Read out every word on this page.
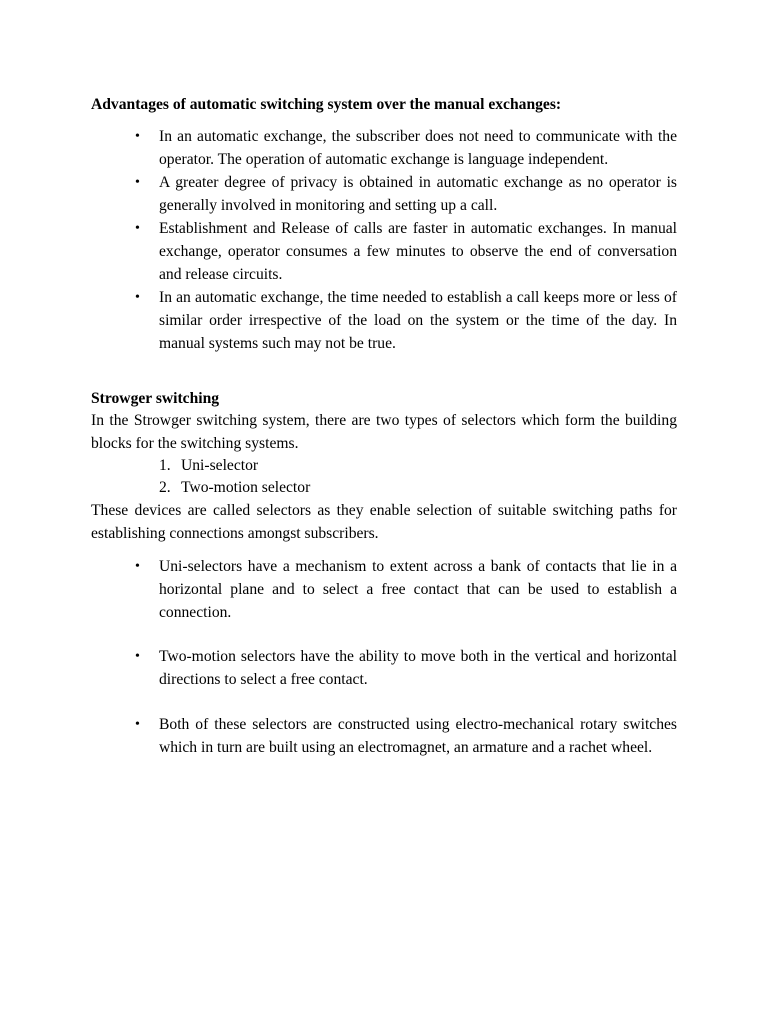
Advantages of automatic switching system over the manual exchanges:
• In an automatic exchange, the subscriber does not need to communicate with the operator. The operation of automatic exchange is language independent.
• A greater degree of privacy is obtained in automatic exchange as no operator is generally involved in monitoring and setting up a call.
• Establishment and Release of calls are faster in automatic exchanges. In manual exchange, operator consumes a few minutes to observe the end of conversation and release circuits.
• In an automatic exchange, the time needed to establish a call keeps more or less of similar order irrespective of the load on the system or the time of the day. In manual systems such may not be true.
Strowger switching

In the Strowger switching system, there are two types of selectors which form the building blocks for the switching systems.

1. Uni-selector
2. Two-motion selector

These devices are called selectors as they enable selection of suitable switching paths for establishing connections amongst subscribers.

• Uni-selectors have a mechanism to extent across a bank of contacts that lie in a horizontal plane and to select a free contact that can be used to establish a connection.
• Two-motion selectors have the ability to move both in the vertical and horizontal directions to select a free contact.
• Both of these selectors are constructed using electro-mechanical rotary switches which in turn are built using an electromagnet, an armature and a rachet wheel.
